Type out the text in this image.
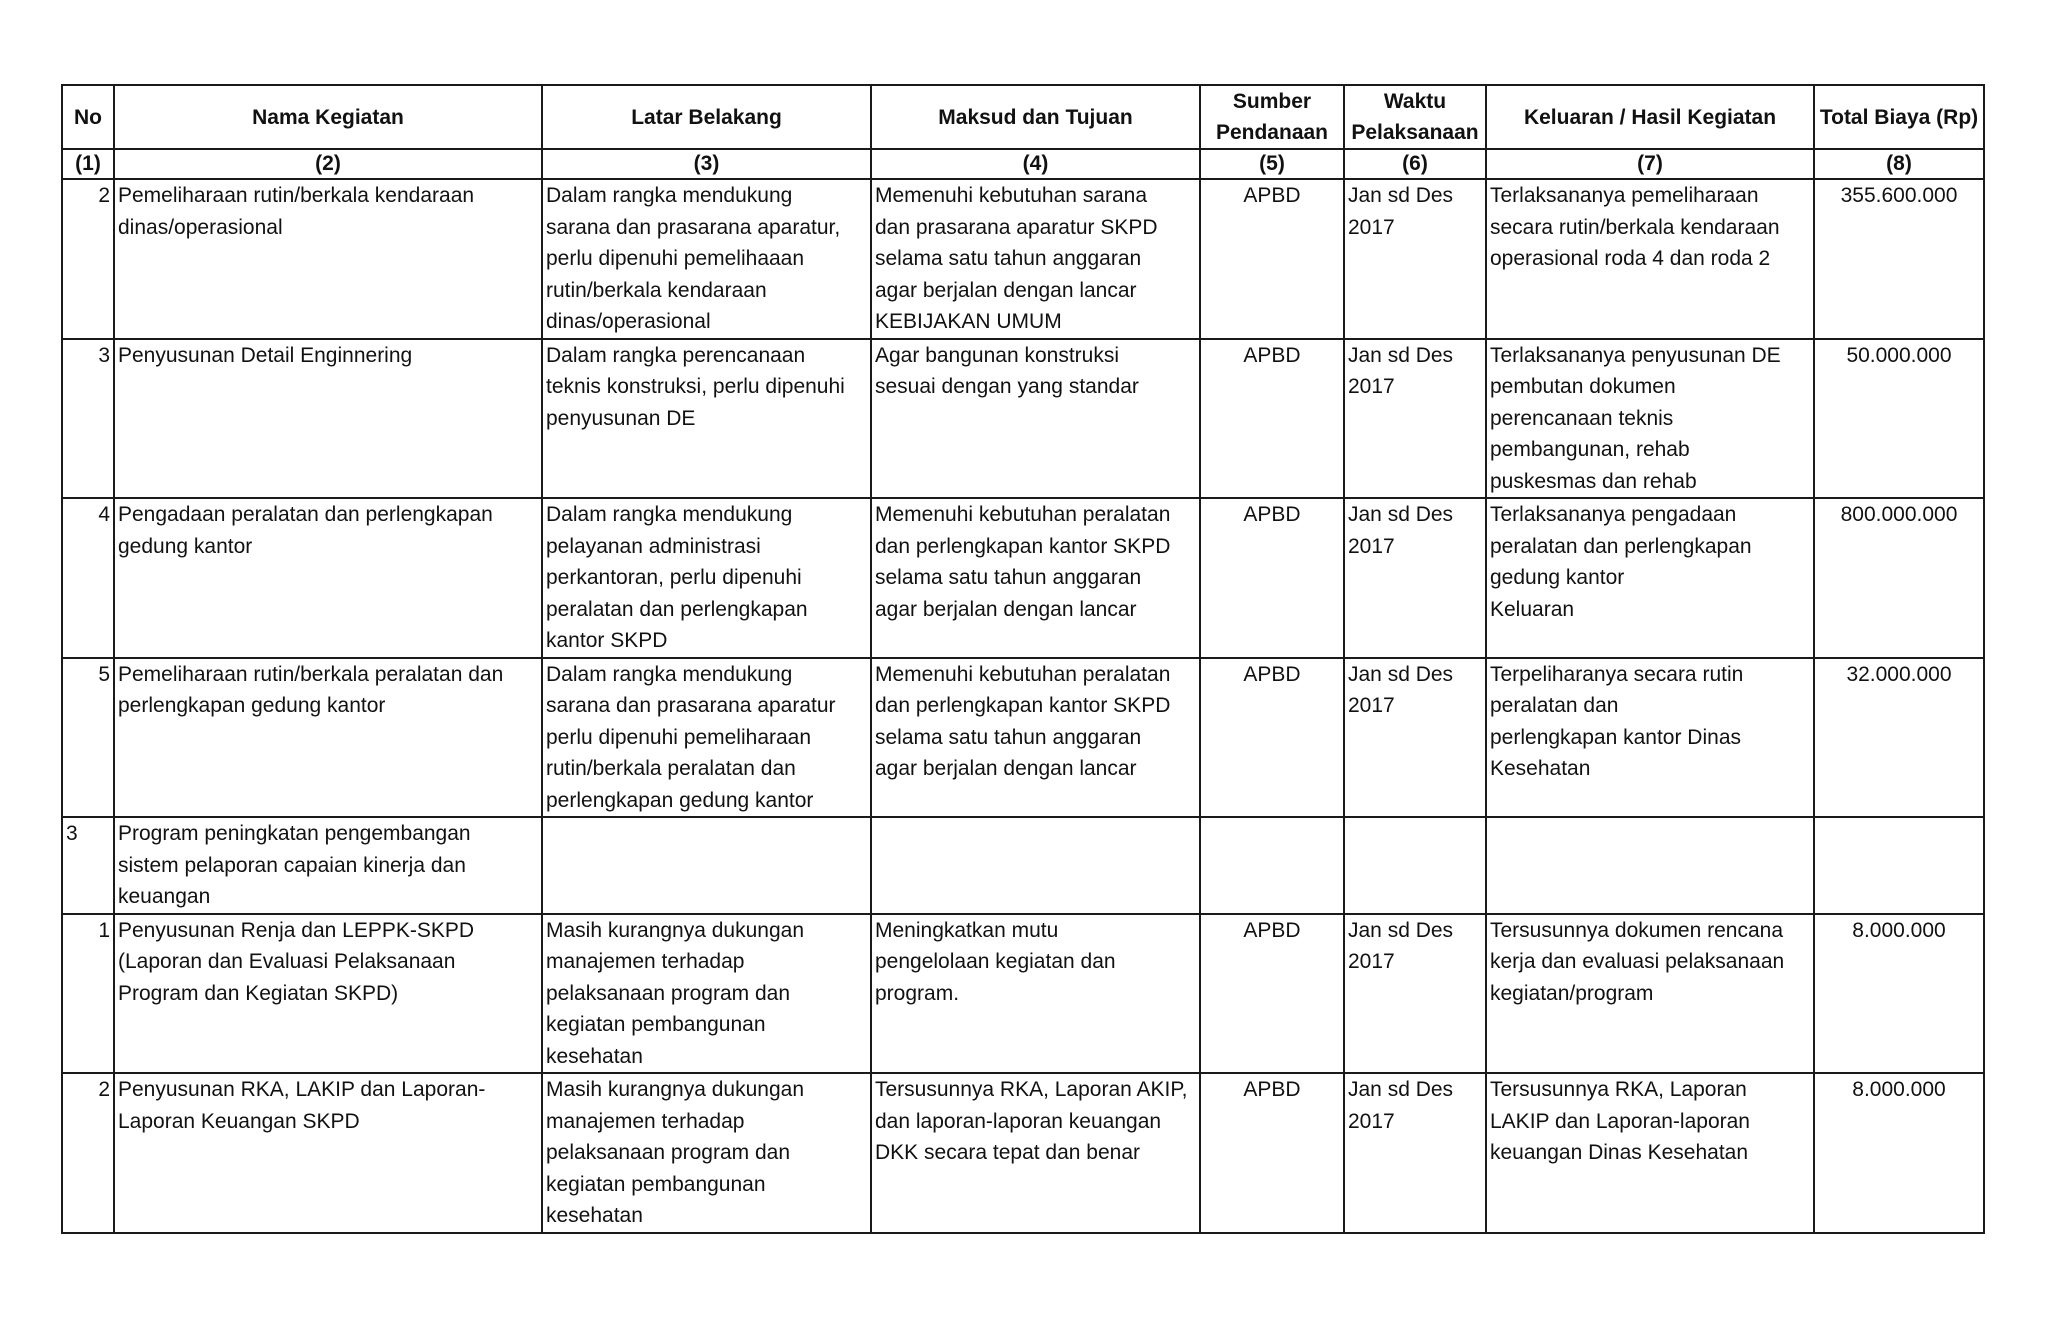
No	Nama Kegiatan	Latar Belakang	Maksud dan Tujuan	Sumber
Pendanaan	Waktu
Pelaksanaan	Keluaran / Hasil Kegiatan	Total Biaya (Rp)
(1)	(2)	(3)	(4)	(5)	(6)	(7)	(8)
2	Pemeliharaan rutin/berkala kendaraan
dinas/operasional	Dalam rangka mendukung
sarana dan prasarana aparatur,
perlu dipenuhi pemelihaaan
rutin/berkala kendaraan
dinas/operasional	Memenuhi kebutuhan sarana
dan prasarana aparatur SKPD
selama satu tahun anggaran
agar berjalan dengan lancar
KEBIJAKAN UMUM	APBD	Jan sd Des
2017	Terlaksananya pemeliharaan
secara rutin/berkala kendaraan
operasional roda 4 dan roda 2	355.600.000
3	Penyusunan Detail Enginnering	Dalam rangka perencanaan
teknis konstruksi, perlu dipenuhi
penyusunan DE	Agar bangunan konstruksi
sesuai dengan yang standar	APBD	Jan sd Des
2017	Terlaksananya penyusunan DE
pembutan dokumen
perencanaan teknis
pembangunan, rehab
puskesmas dan rehab	50.000.000
4	Pengadaan peralatan dan perlengkapan
gedung kantor	Dalam rangka mendukung
pelayanan administrasi
perkantoran, perlu dipenuhi
peralatan dan perlengkapan
kantor SKPD	Memenuhi kebutuhan peralatan
dan perlengkapan kantor SKPD
selama satu tahun anggaran
agar berjalan dengan lancar	APBD	Jan sd Des
2017	Terlaksananya pengadaan
peralatan dan perlengkapan
gedung kantor
Keluaran	800.000.000
5	Pemeliharaan rutin/berkala peralatan dan
perlengkapan gedung kantor	Dalam rangka mendukung
sarana dan prasarana aparatur
perlu dipenuhi pemeliharaan
rutin/berkala peralatan dan
perlengkapan gedung kantor	Memenuhi kebutuhan peralatan
dan perlengkapan kantor SKPD
selama satu tahun anggaran
agar berjalan dengan lancar	APBD	Jan sd Des
2017	Terpeliharanya secara rutin
peralatan dan
perlengkapan kantor Dinas
Kesehatan	32.000.000
3	Program peningkatan pengembangan
sistem pelaporan capaian kinerja dan
keuangan						
1	Penyusunan Renja dan LEPPK-SKPD
(Laporan dan Evaluasi Pelaksanaan
Program dan Kegiatan SKPD)	Masih kurangnya dukungan
manajemen terhadap
pelaksanaan program dan
kegiatan pembangunan
kesehatan	Meningkatkan mutu
pengelolaan kegiatan dan
program.	APBD	Jan sd Des
2017	Tersusunnya dokumen rencana
kerja dan evaluasi pelaksanaan
kegiatan/program	8.000.000
2	Penyusunan RKA, LAKIP dan Laporan-
Laporan Keuangan SKPD	Masih kurangnya dukungan
manajemen terhadap
pelaksanaan program dan
kegiatan pembangunan
kesehatan	Tersusunnya RKA, Laporan AKIP,
dan laporan-laporan keuangan
DKK secara tepat dan benar	APBD	Jan sd Des
2017	Tersusunnya RKA, Laporan
LAKIP dan Laporan-laporan
keuangan Dinas Kesehatan	8.000.000
